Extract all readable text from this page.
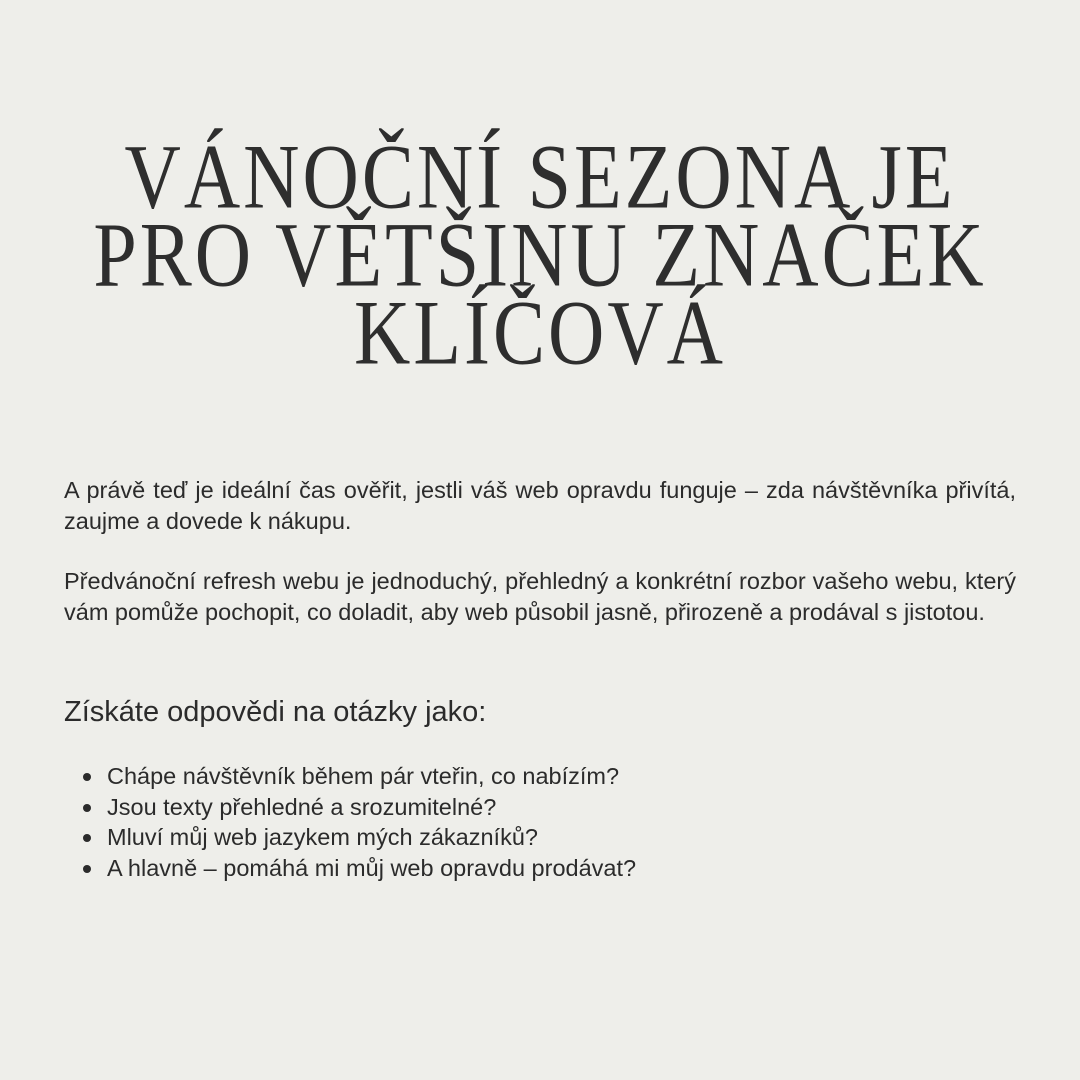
VÁNOČNÍ SEZONA JE
PRO VĚTŠINU ZNAČEK
KLÍČOVÁ

A právě teď je ideální čas ověřit, jestli váš web opravdu funguje – zda návštěvníka přivítá, zaujme a dovede k nákupu.

Předvánoční refresh webu je jednoduchý, přehledný a konkrétní rozbor vašeho webu, který vám pomůže pochopit, co doladit, aby web působil jasně, přirozeně a prodával s jistotou.

Získáte odpovědi na otázky jako:
Chápe návštěvník během pár vteřin, co nabízím?
Jsou texty přehledné a srozumitelné?
Mluví můj web jazykem mých zákazníků?
A hlavně – pomáhá mi můj web opravdu prodávat?
